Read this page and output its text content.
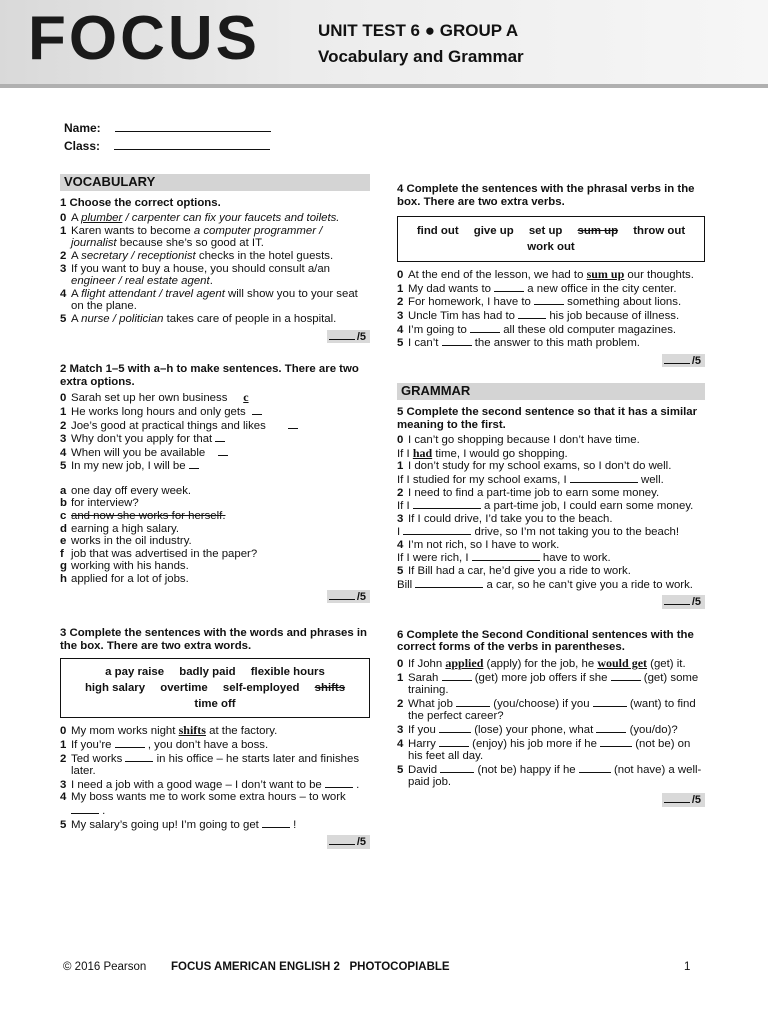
FOCUS	UNIT TEST 6 ● GROUP A
Vocabulary and Grammar
Name:
Class:
VOCABULARY

1 Choose the correct options.

0 A plumber / carpenter can fix your faucets and toilets.

1 Karen wants to become a computer programmer / journalist because she’s so good at IT.

2 A secretary / receptionist checks in the hotel guests.

3 If you want to buy a house, you should consult a/an engineer / real estate agent.

4 A flight attendant / travel agent will show you to your seat on the plane.

5 A nurse / politician takes care of people in a hospital.

/5

2 Match 1–5 with a–h to make sentences. There are two extra options.

0 Sarah set up her own business c

1 He works long hours and only gets

2 Joe’s good at practical things and likes

3 Why don’t you apply for that

4 When will you be available

5 In my new job, I will be

a one day off every week.

b for interview?

c and now she works for herself.

d earning a high salary.

e works in the oil industry.

f job that was advertised in the paper?

g working with his hands.

h applied for a lot of jobs.

/5

3 Complete the sentences with the words and phrases in the box. There are two extra words.

a pay raise badly paid flexible hours
high salary overtime self-employed shifts
time off

0 My mom works night shifts at the factory.

1 If you’re	, you don’t have a boss.

2 Ted works  in his office – he starts later and finishes later.

3 I need a job with a good wage – I don’t want to be  .

4 My boss wants me to work some extra hours – to work  .

5 My salary’s going up! I’m going to get  !

/5

4 Complete the sentences with the phrasal verbs in the box. There are two extra verbs.

find out give up set up sum up throw out
work out

0 At the end of the lesson, we had to sum up our thoughts.

1 My dad wants to	a new office in the city center.

2 For homework, I have to	something about lions.

3 Uncle Tim has had to  his job because of illness.

4 I’m going to	all these old computer magazines.

5 I can’t	the answer to this math problem.

/5

GRAMMAR

5 Complete the second sentence so that it has a similar meaning to the first.

0 I can’t go shopping because I don’t have time.

If I had time, I would go shopping.

1 I don’t study for my school exams, so I don’t do well.

If I studied for my school exams, I	well.

2 I need to find a part-time job to earn some money.

If I	a part-time job, I could earn some money.

3 If I could drive, I’d take you to the beach.

I	drive, so I’m not taking you to the beach!

4 I’m not rich, so I have to work.

If I were rich, I	have to work.

5 If Bill had a car, he’d give you a ride to work.

Bill	a car, so he can’t give you a ride to work.

/5

6 Complete the Second Conditional sentences with the correct forms of the verbs in parentheses.

0 If John applied (apply) for the job, he would get (get) it.

1 Sarah	(get) more job offers if she	(get) some training.

2 What job	(you/choose) if you	(want) to find the perfect career?

3 If you	(lose) your phone, what	(you/do)?

4 Harry	(enjoy) his job more if he	(not be) on his feet all day.

5 David	(not be) happy if he	(not have) a well-paid job.

/5

© 2016 Pearson FOCUS AMERICAN ENGLISH 2   PHOTOCOPIABLE	1
